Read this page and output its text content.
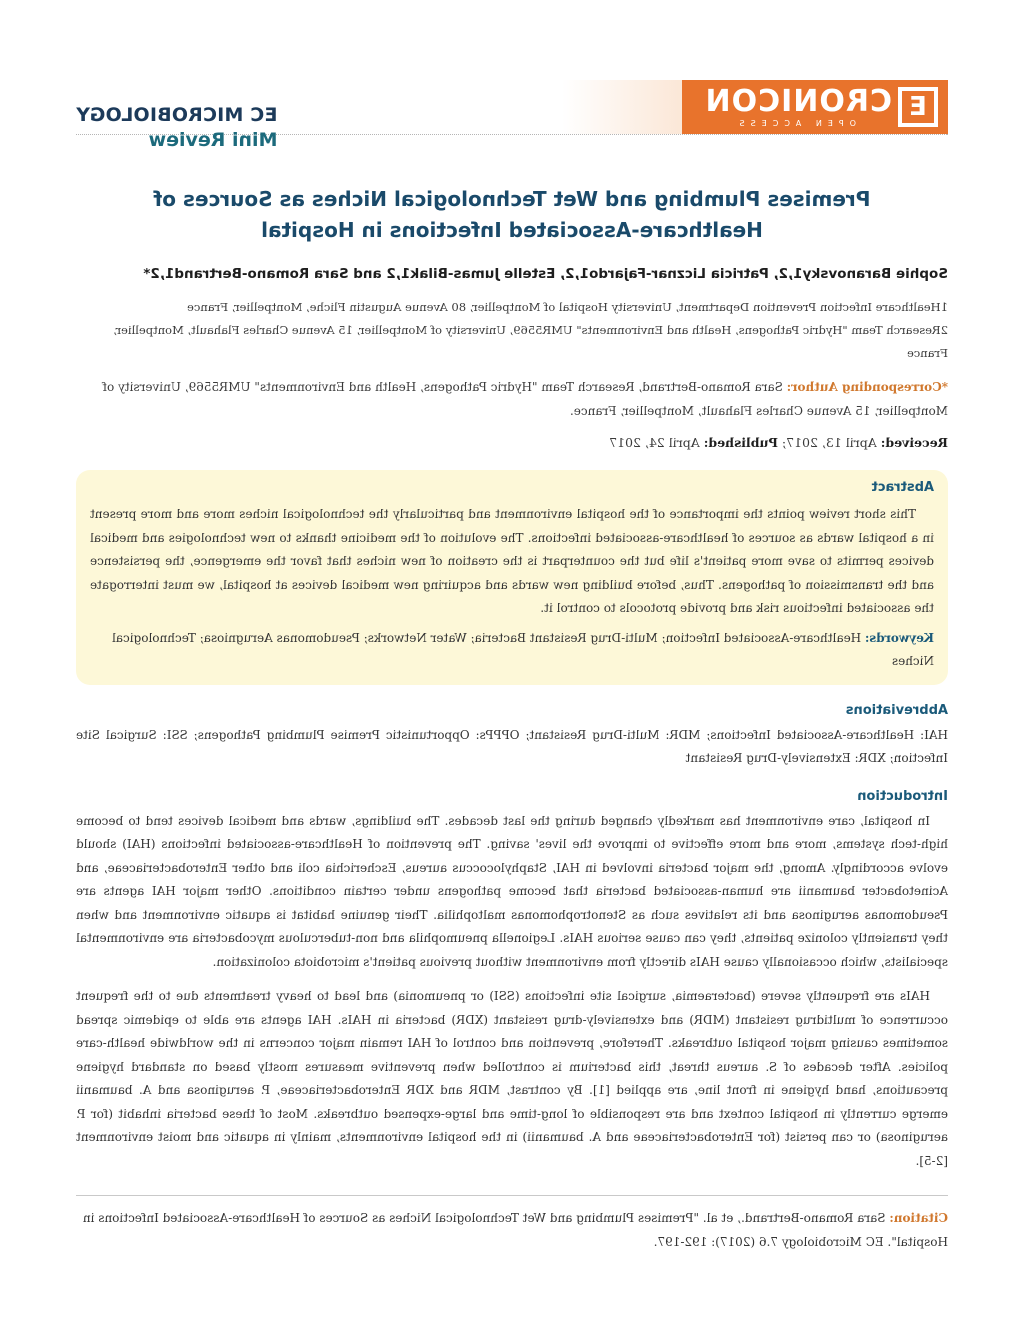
E
CRONICON
OPEN ACCESS
EC MICROBIOLOGY
Mini Review
Premises Plumbing and Wet Technological Niches as Sources of Healthcare-Associated Infections in Hospital
Sophie Baranovsky1,2, Patricia Licznar-Fajardo1,2, Estelle Jumas-Bilak1,2 and Sara Romano-Bertrand1,2*
1Healthcare Infection Prevention Department, University Hospital of Montpellier, 80 Avenue Augustin Fliche, Montpellier, France
2Research Team "Hydric Pathogens, Health and Environments" UMR5569, University of Montpellier, 15 Avenue Charles Flahault, Montpellier, France
*Corresponding Author: Sara Romano-Bertrand, Research Team "Hydric Pathogens, Health and Environments" UMR5569, University of Montpellier, 15 Avenue Charles Flahault, Montpellier, France.
Received: April 13, 2017; Published: April 24, 2017
Abstract

This short review points the importance of the hospital environment and particularly the technological niches more and more present in a hospital wards as sources of healthcare-associated infections. The evolution of the medicine thanks to new technologies and medical devices permits to save more patient's life but the counterpart is the creation of new niches that favor the emergence, the persistence and the transmission of pathogens. Thus, before building new wards and acquiring new medical devices at hospital, we must interrogate the associated infectious risk and provide protocols to control it.

Keywords: Healthcare-Associated Infection; Multi-Drug Resistant Bacteria; Water Networks; Pseudomonas Aerugniosa; Technological Niches
Abbreviations

HAI: Healthcare-Associated Infections; MDR: Multi-Drug Resistant; OPPPs: Opportunistic Premise Plumbing Pathogens; SSI: Surgical Site Infection; XDR: Extensively-Drug Resistant

Introduction

In hospital, care environment has markedly changed during the last decades. The buildings, wards and medical devices tend to become high-tech systems, more and more effective to improve the lives' saving. The prevention of Healthcare-associated infections (HAI) should evolve accordingly. Among, the major bacteria involved in HAI, Staphylococcus aureus, Escherichia coli and other Enterobacteriaceae, and Acinetobacter baumanii are human-associated bacteria that become pathogens under certain conditions. Other major HAI agents are Pseudomonas aeruginosa and its relatives such as Stenotrophomonas maltophilia. Their genuine habitat is aquatic environment and when they transiently colonize patients, they can cause serious HAIs. Legionella pneumophila and non-tuberculous mycobacteria are environmental specialists, which occasionally cause HAIs directly from environment without previous patient's microbiota colonization.

HAIs are frequently severe (bacteraemia, surgical site infections (SSI) or pneumonia) and lead to heavy treatments due to the frequent occurrence of multidrug resistant (MDR) and extensively-drug resistant (XDR) bacteria in HAIs. HAI agents are able to epidemic spread sometimes causing major hospital outbreaks. Therefore, prevention and control of HAI remain major concerns in the worldwide health-care policies. After decades of S. aureus threat, this bacterium is controlled when preventive measures mostly based on standard hygiene precautions, hand hygiene in front line, are applied [1]. By contrast, MDR and XDR Enterobacteriaceae, P. aeruginosa and A. baumanii emerge currently in hospital context and are responsible of long-time and large-expensed outbreaks. Most of these bacteria inhabit (for P. aeruginosa) or can persist (for Enterobacteriaceae and A. baumanii) in the hospital environments, mainly in aquatic and moist environment [2-5].

Citation: Sara Romano-Bertrand., et al. "Premises Plumbing and Wet Technological Niches as Sources of Healthcare-Associated Infections in Hospital". EC Microbiology 7.6 (2017): 192-197.
